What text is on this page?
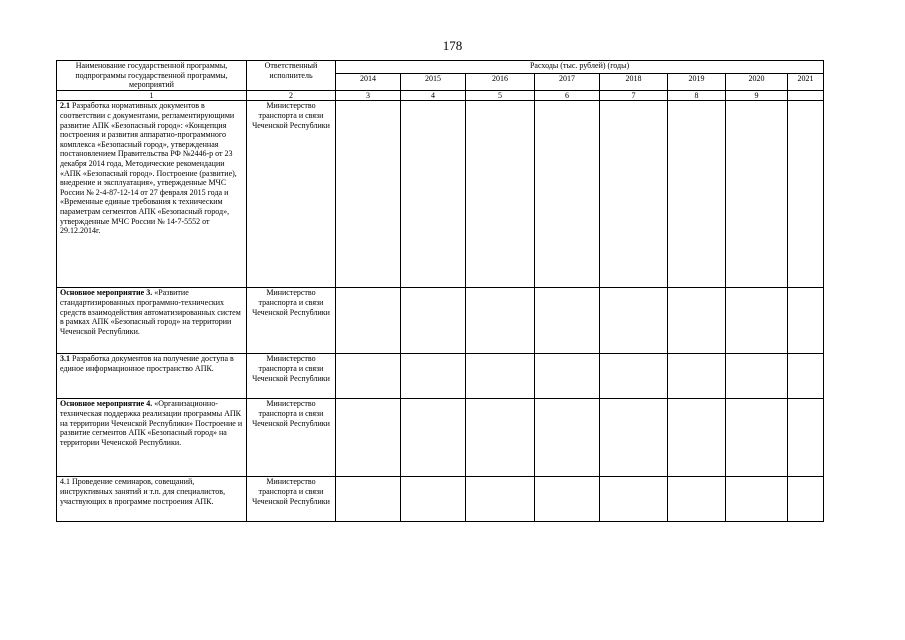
178
Наименование государственной программы, подпрограммы государственной программы, мероприятий	Ответственный исполнитель	Расходы (тыс. рублей) (годы)							
		2014	2015	2016	2017	2018	2019	2020	2021
1	2	3	4	5	6	7	8	9	
2.1 Разработка нормативных документов в соответствии с документами, регламентирующими развитие АПК «Безопасный город»: «Концепция построения и развития аппаратно-программного комплекса «Безопасный город», утвержденная постановлением Правительства РФ №2446-р от 23 декабря 2014 года, Методические рекомендации «АПК «Безопасный город». Построение (развитие), внедрение и эксплуатация», утвержденные МЧС России № 2-4-87-12-14 от 27 февраля 2015 года и «Временные единые требования к техническим параметрам сегментов АПК «Безопасный город», утвержденные МЧС России № 14-7-5552 от 29.12.2014г.	Министерство транспорта и связи Чеченской Республики								
Основное мероприятие 3. «Развитие стандартизированных программно-технических средств взаимодействия автоматизированных систем в рамках АПК «Безопасный город» на территории Чеченской Республики.	Министерство транспорта и связи Чеченской Республики								
3.1 Разработка документов на получение доступа в единое информационное пространство АПК.	Министерство транспорта и связи Чеченской Республики								
Основное мероприятие 4. «Организационно-техническая поддержка реализации программы АПК на территории Чеченской Республики» Построение и развитие сегментов АПК «Безопасный город» на территории Чеченской Республики.	Министерство транспорта и связи Чеченской Республики								
4.1 Проведение семинаров, совещаний, инструктивных занятий и т.п. для специалистов, участвующих в программе построения АПК.	Министерство транспорта и связи Чеченской Республики								
